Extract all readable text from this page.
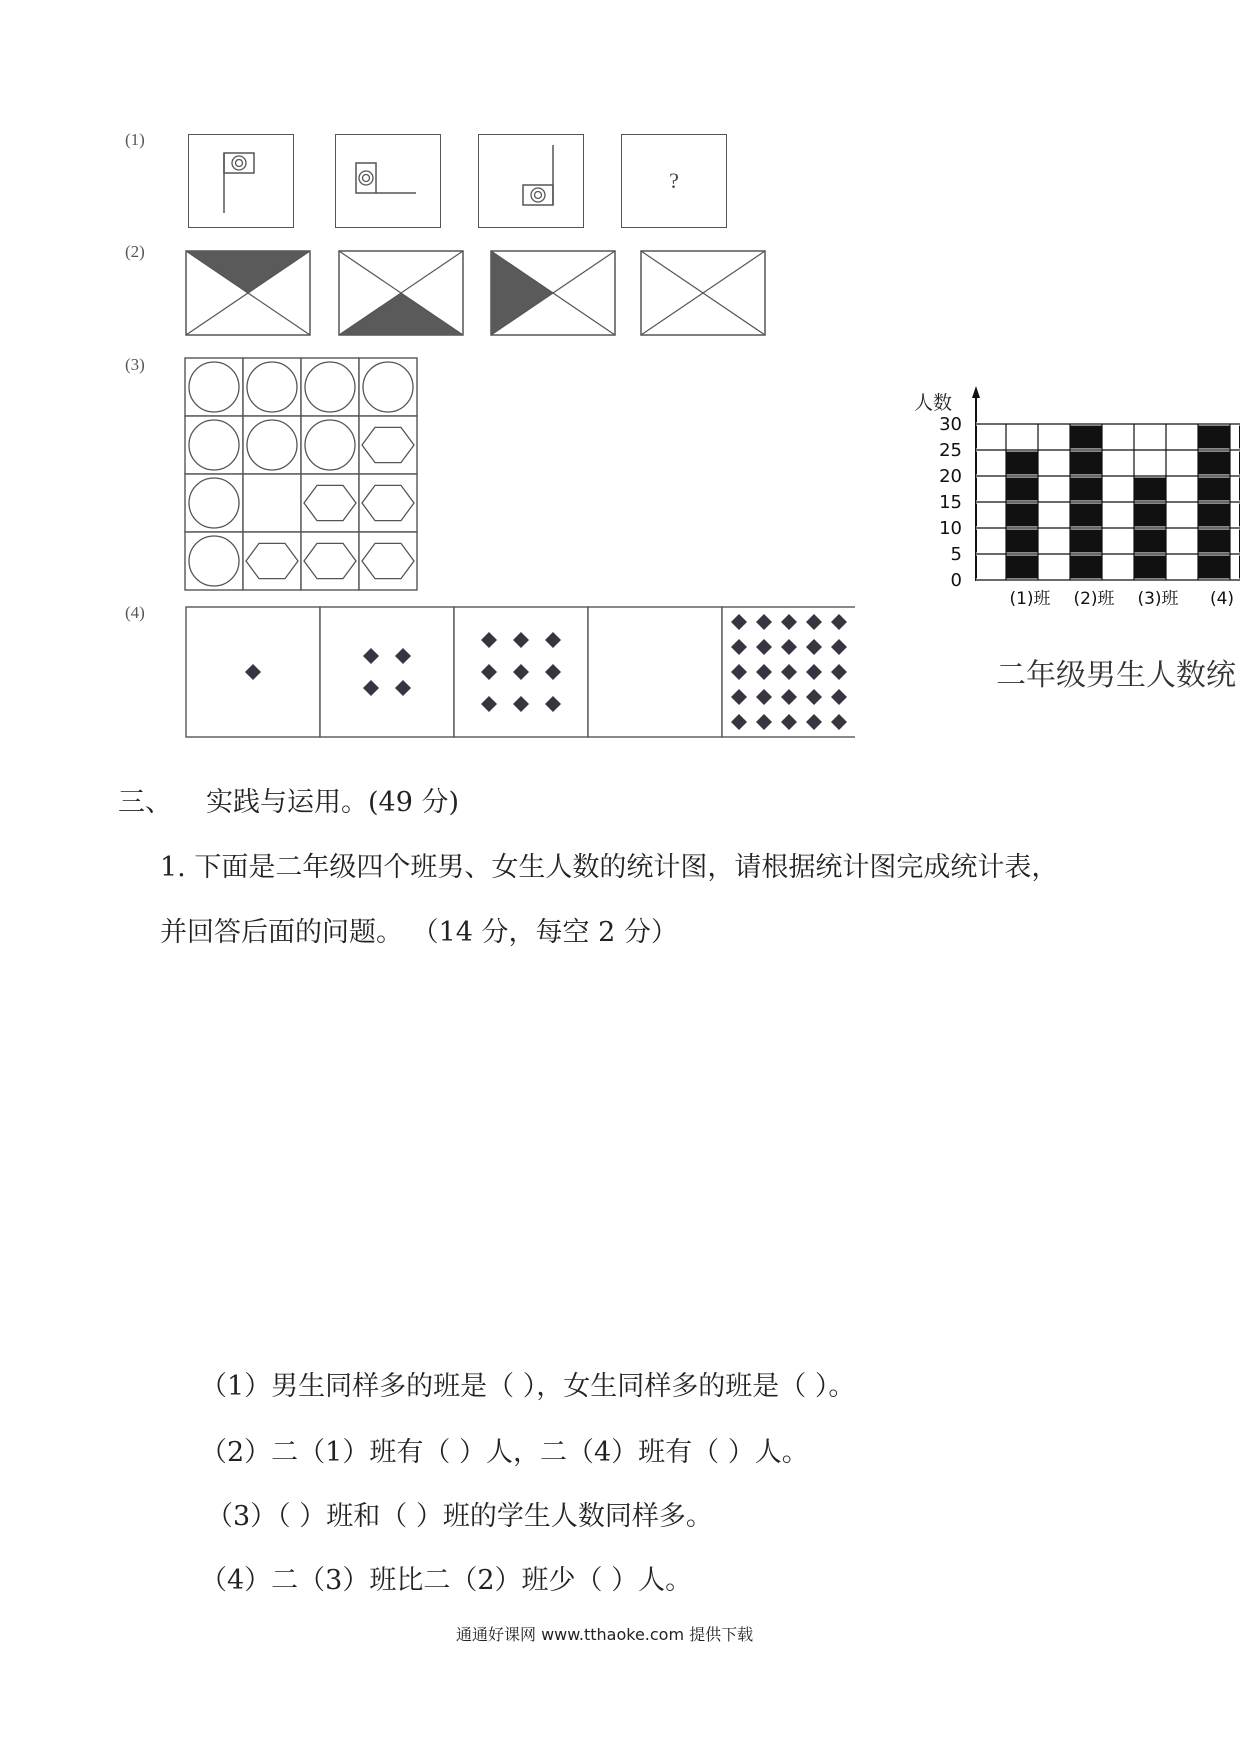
(1)
(2)
(3)
(4)
?
人数
30
25
20
15
10
5
0
(1)班 (2)班 (3)班 (4)
二年级男生人数统
三、 实践与运用。(49 分)
1. 下面是二年级四个班男、女生人数的统计图，请根据统计图完成统计表，
并回答后面的问题。 （14 分，每空 2 分）
（1）男生同样多的班是（ ），女生同样多的班是（ ）。
（2）二（1）班有（ ）人，二（4）班有（ ）人。
（3）（ ）班和（ ）班的学生人数同样多。
（4）二（3）班比二（2）班少（ ）人。
通通好课网 www.tthaoke.com 提供下载
